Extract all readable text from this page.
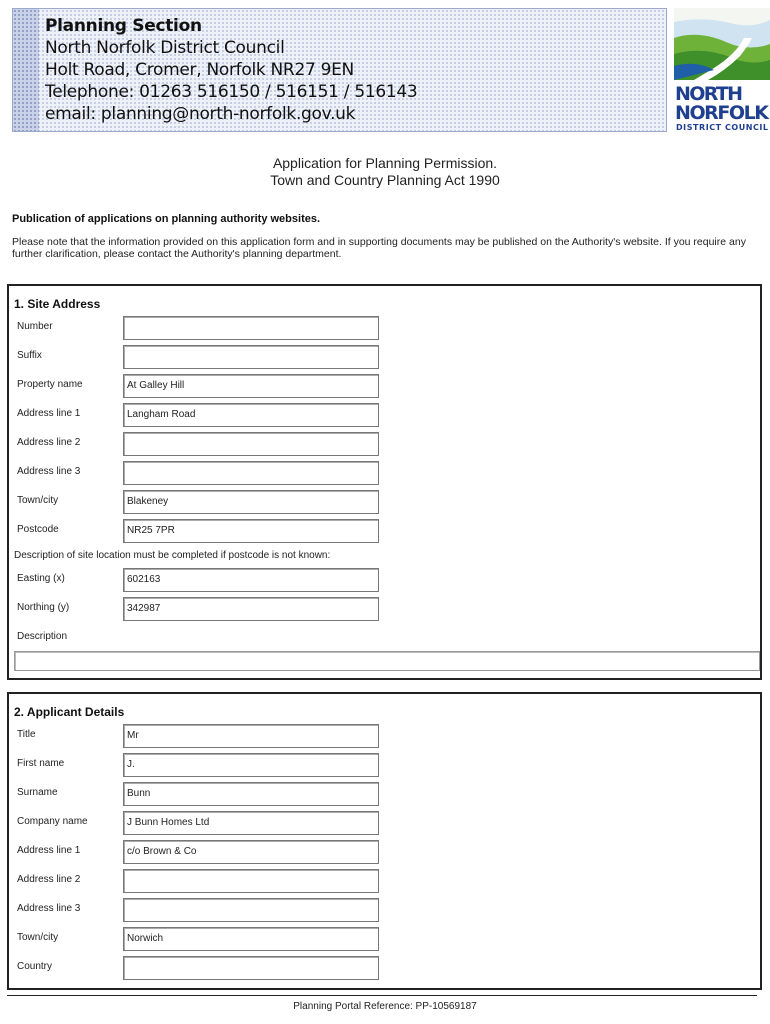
Planning Section
North Norfolk District Council
Holt Road, Cromer, Norfolk NR27 9EN
Telephone: 01263 516150 / 516151 / 516143
email: planning@north-norfolk.gov.uk
NORTH
NORFOLK
DISTRICT COUNCIL
Application for Planning Permission.
Town and Country Planning Act 1990
Publication of applications on planning authority websites.
Please note that the information provided on this application form and in supporting documents may be published on the Authority's website. If you require any further clarification, please contact the Authority's planning department.
1. Site Address
Number
Suffix
Property name	At Galley Hill
Address line 1	Langham Road
Address line 2
Address line 3
Town/city	Blakeney
Postcode	NR25 7PR
Description of site location must be completed if postcode is not known:
Easting (x)	602163
Northing (y)	342987
Description
2. Applicant Details
Title	Mr
First name	J.
Surname	Bunn
Company name	J Bunn Homes Ltd
Address line 1	c/o Brown & Co
Address line 2
Address line 3
Town/city	Norwich
Country
Planning Portal Reference: PP-10569187
